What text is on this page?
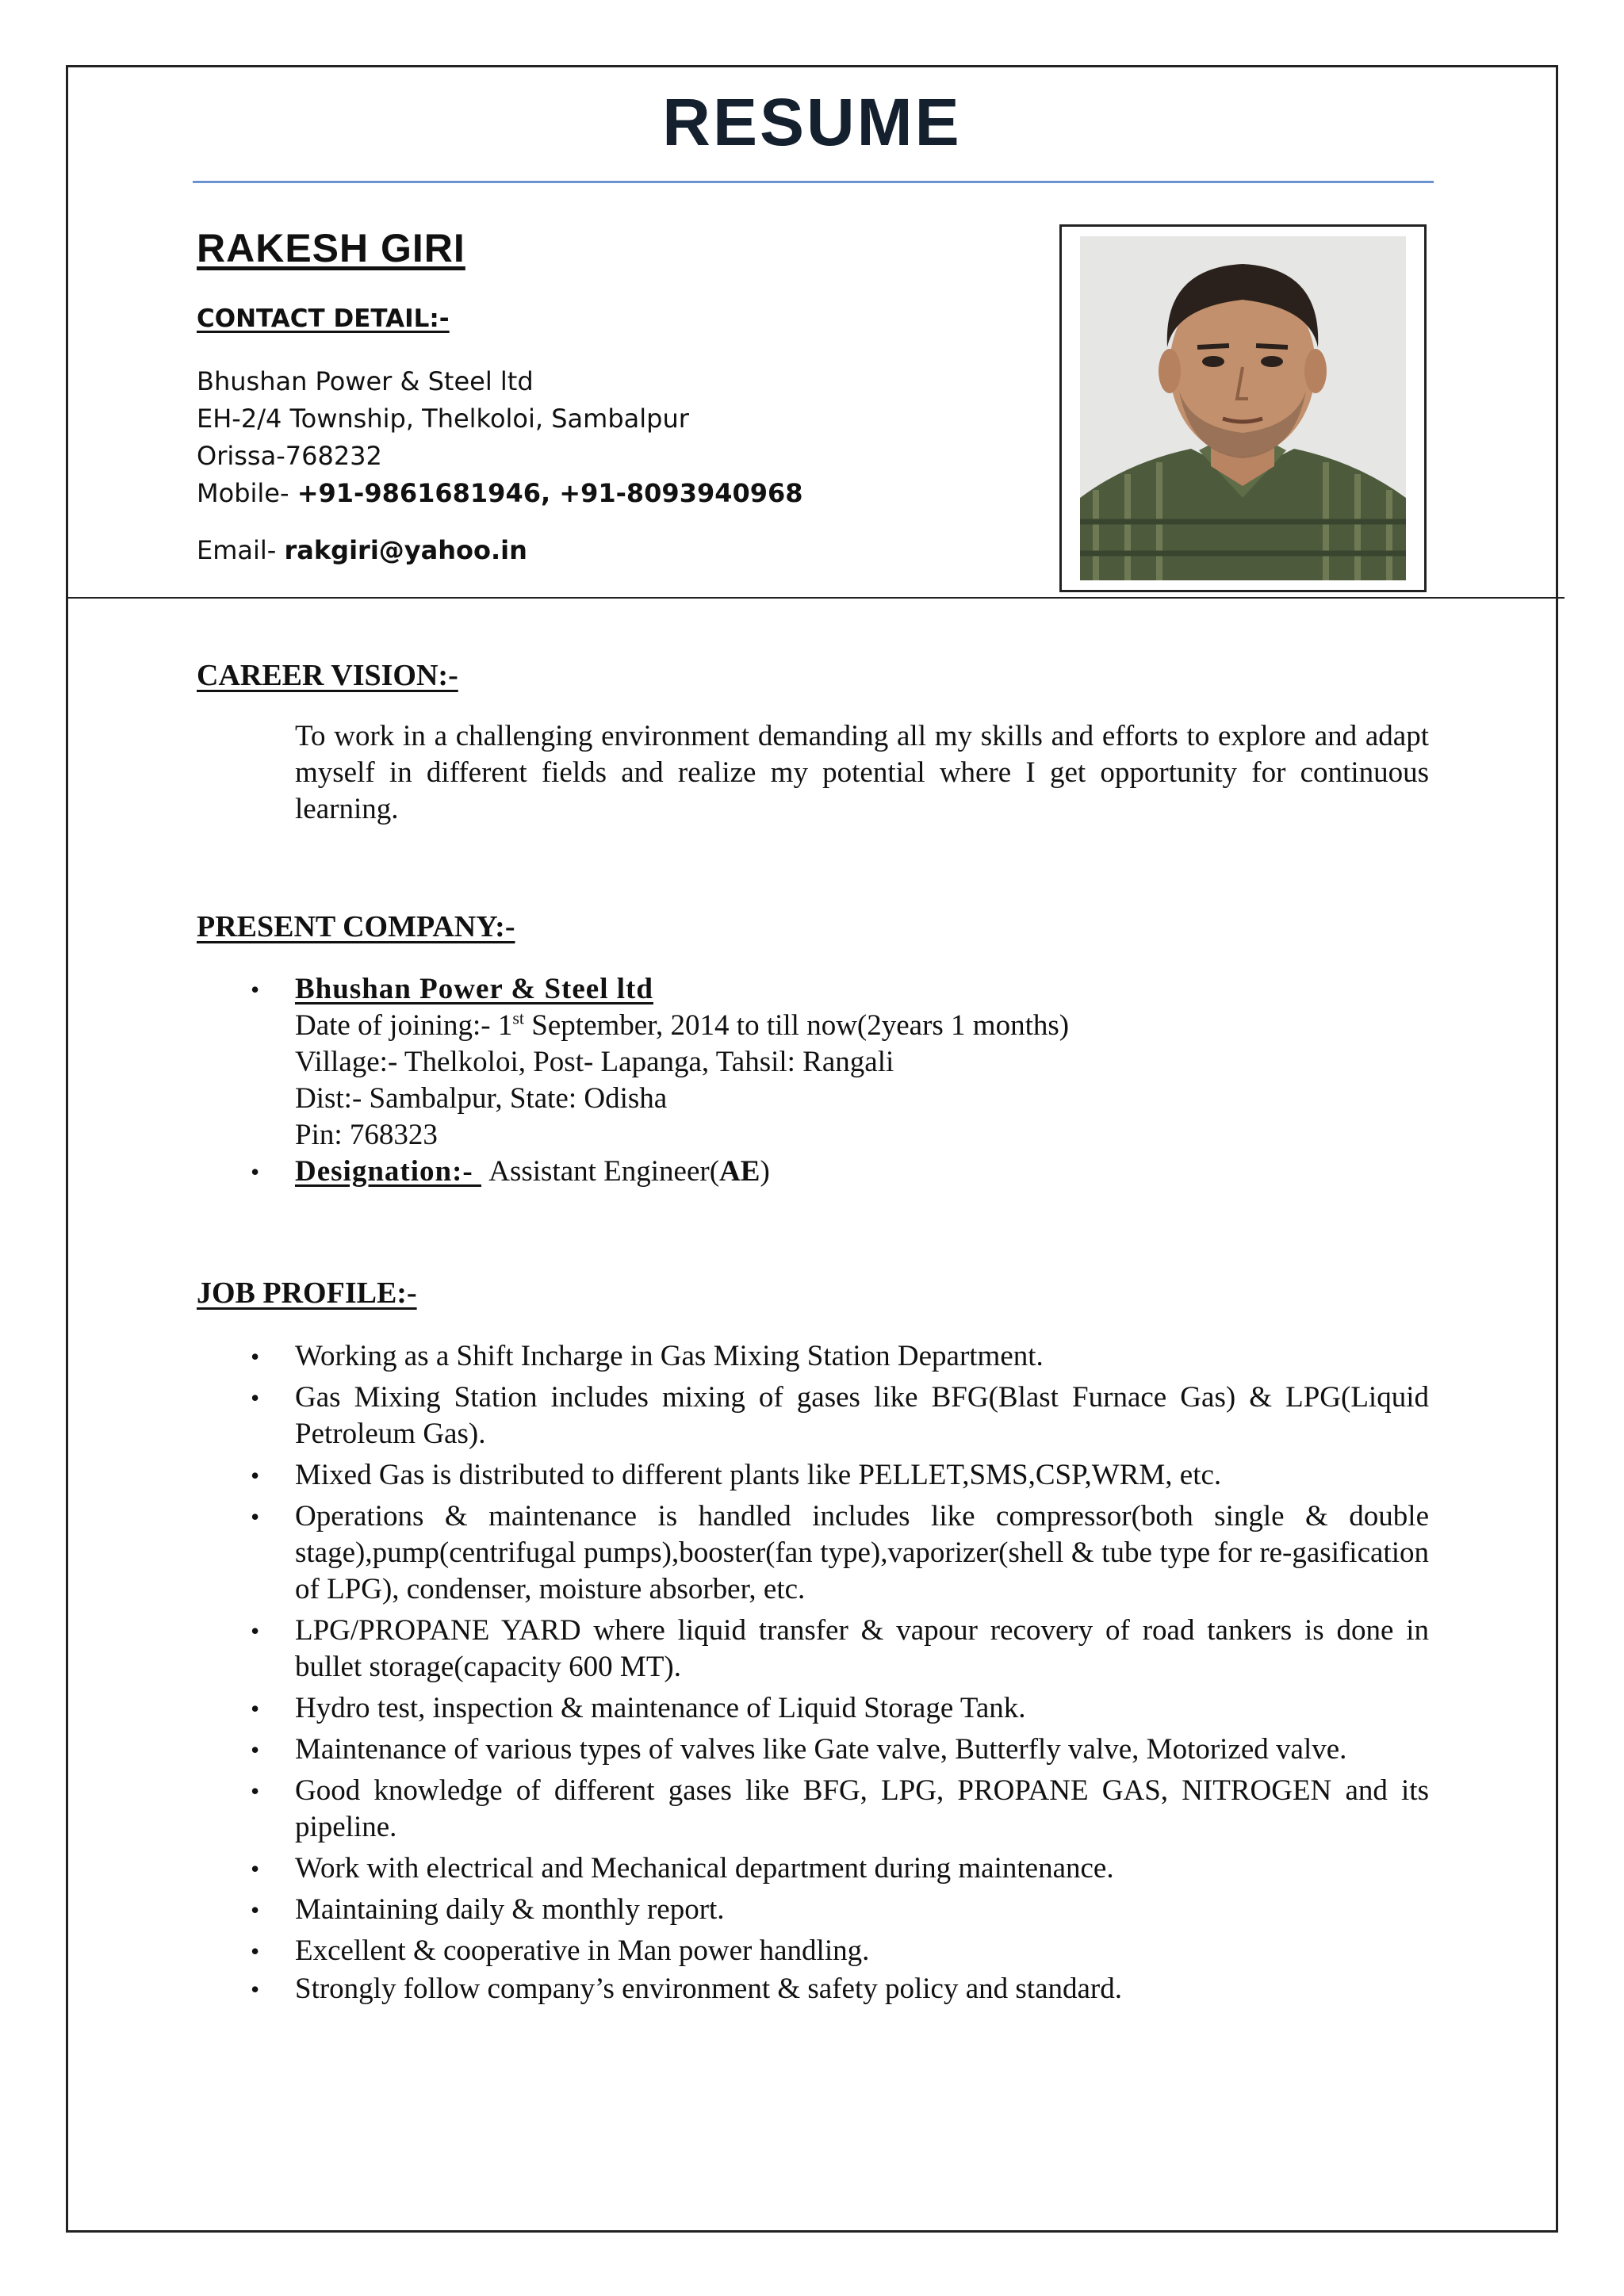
RESUME
RAKESH GIRI
CONTACT DETAIL:-
Bhushan Power & Steel ltd
EH-2/4 Township, Thelkoloi, Sambalpur
Orissa-768232
Mobile- +91-9861681946, +91-8093940968
Email- rakgiri@yahoo.in
CAREER VISION:-
To work in a challenging environment demanding all my skills and efforts to explore and adapt myself in different fields and realize my potential where I get opportunity for continuous learning.
PRESENT COMPANY:-
• Bhushan Power & Steel ltd
Date of joining:- 1st September, 2014 to till now(2years 1 months)
Village:- Thelkoloi, Post- Lapanga, Tahsil: Rangali
Dist:- Sambalpur, State: Odisha
Pin: 768323
• Designation:-  Assistant Engineer(AE)
JOB PROFILE:-
• Working as a Shift Incharge in Gas Mixing Station Department.
• Gas Mixing Station includes mixing of gases like BFG(Blast Furnace Gas) & LPG(Liquid Petroleum Gas).
• Mixed Gas is distributed to different plants like PELLET,SMS,CSP,WRM, etc.
• Operations & maintenance is handled includes like compressor(both single & double stage),pump(centrifugal pumps),booster(fan type),vaporizer(shell & tube type for re-gasification of LPG), condenser, moisture absorber, etc.
• LPG/PROPANE YARD where liquid transfer & vapour recovery of road tankers is done in bullet storage(capacity 600 MT).
• Hydro test, inspection & maintenance of Liquid Storage Tank.
• Maintenance of various types of valves like Gate valve, Butterfly valve, Motorized valve.
• Good knowledge of different gases like BFG, LPG, PROPANE GAS, NITROGEN and its pipeline.
• Work with electrical and Mechanical department during maintenance.
• Maintaining daily & monthly report.
• Excellent & cooperative in Man power handling.
• Strongly follow company’s environment & safety policy and standard.
